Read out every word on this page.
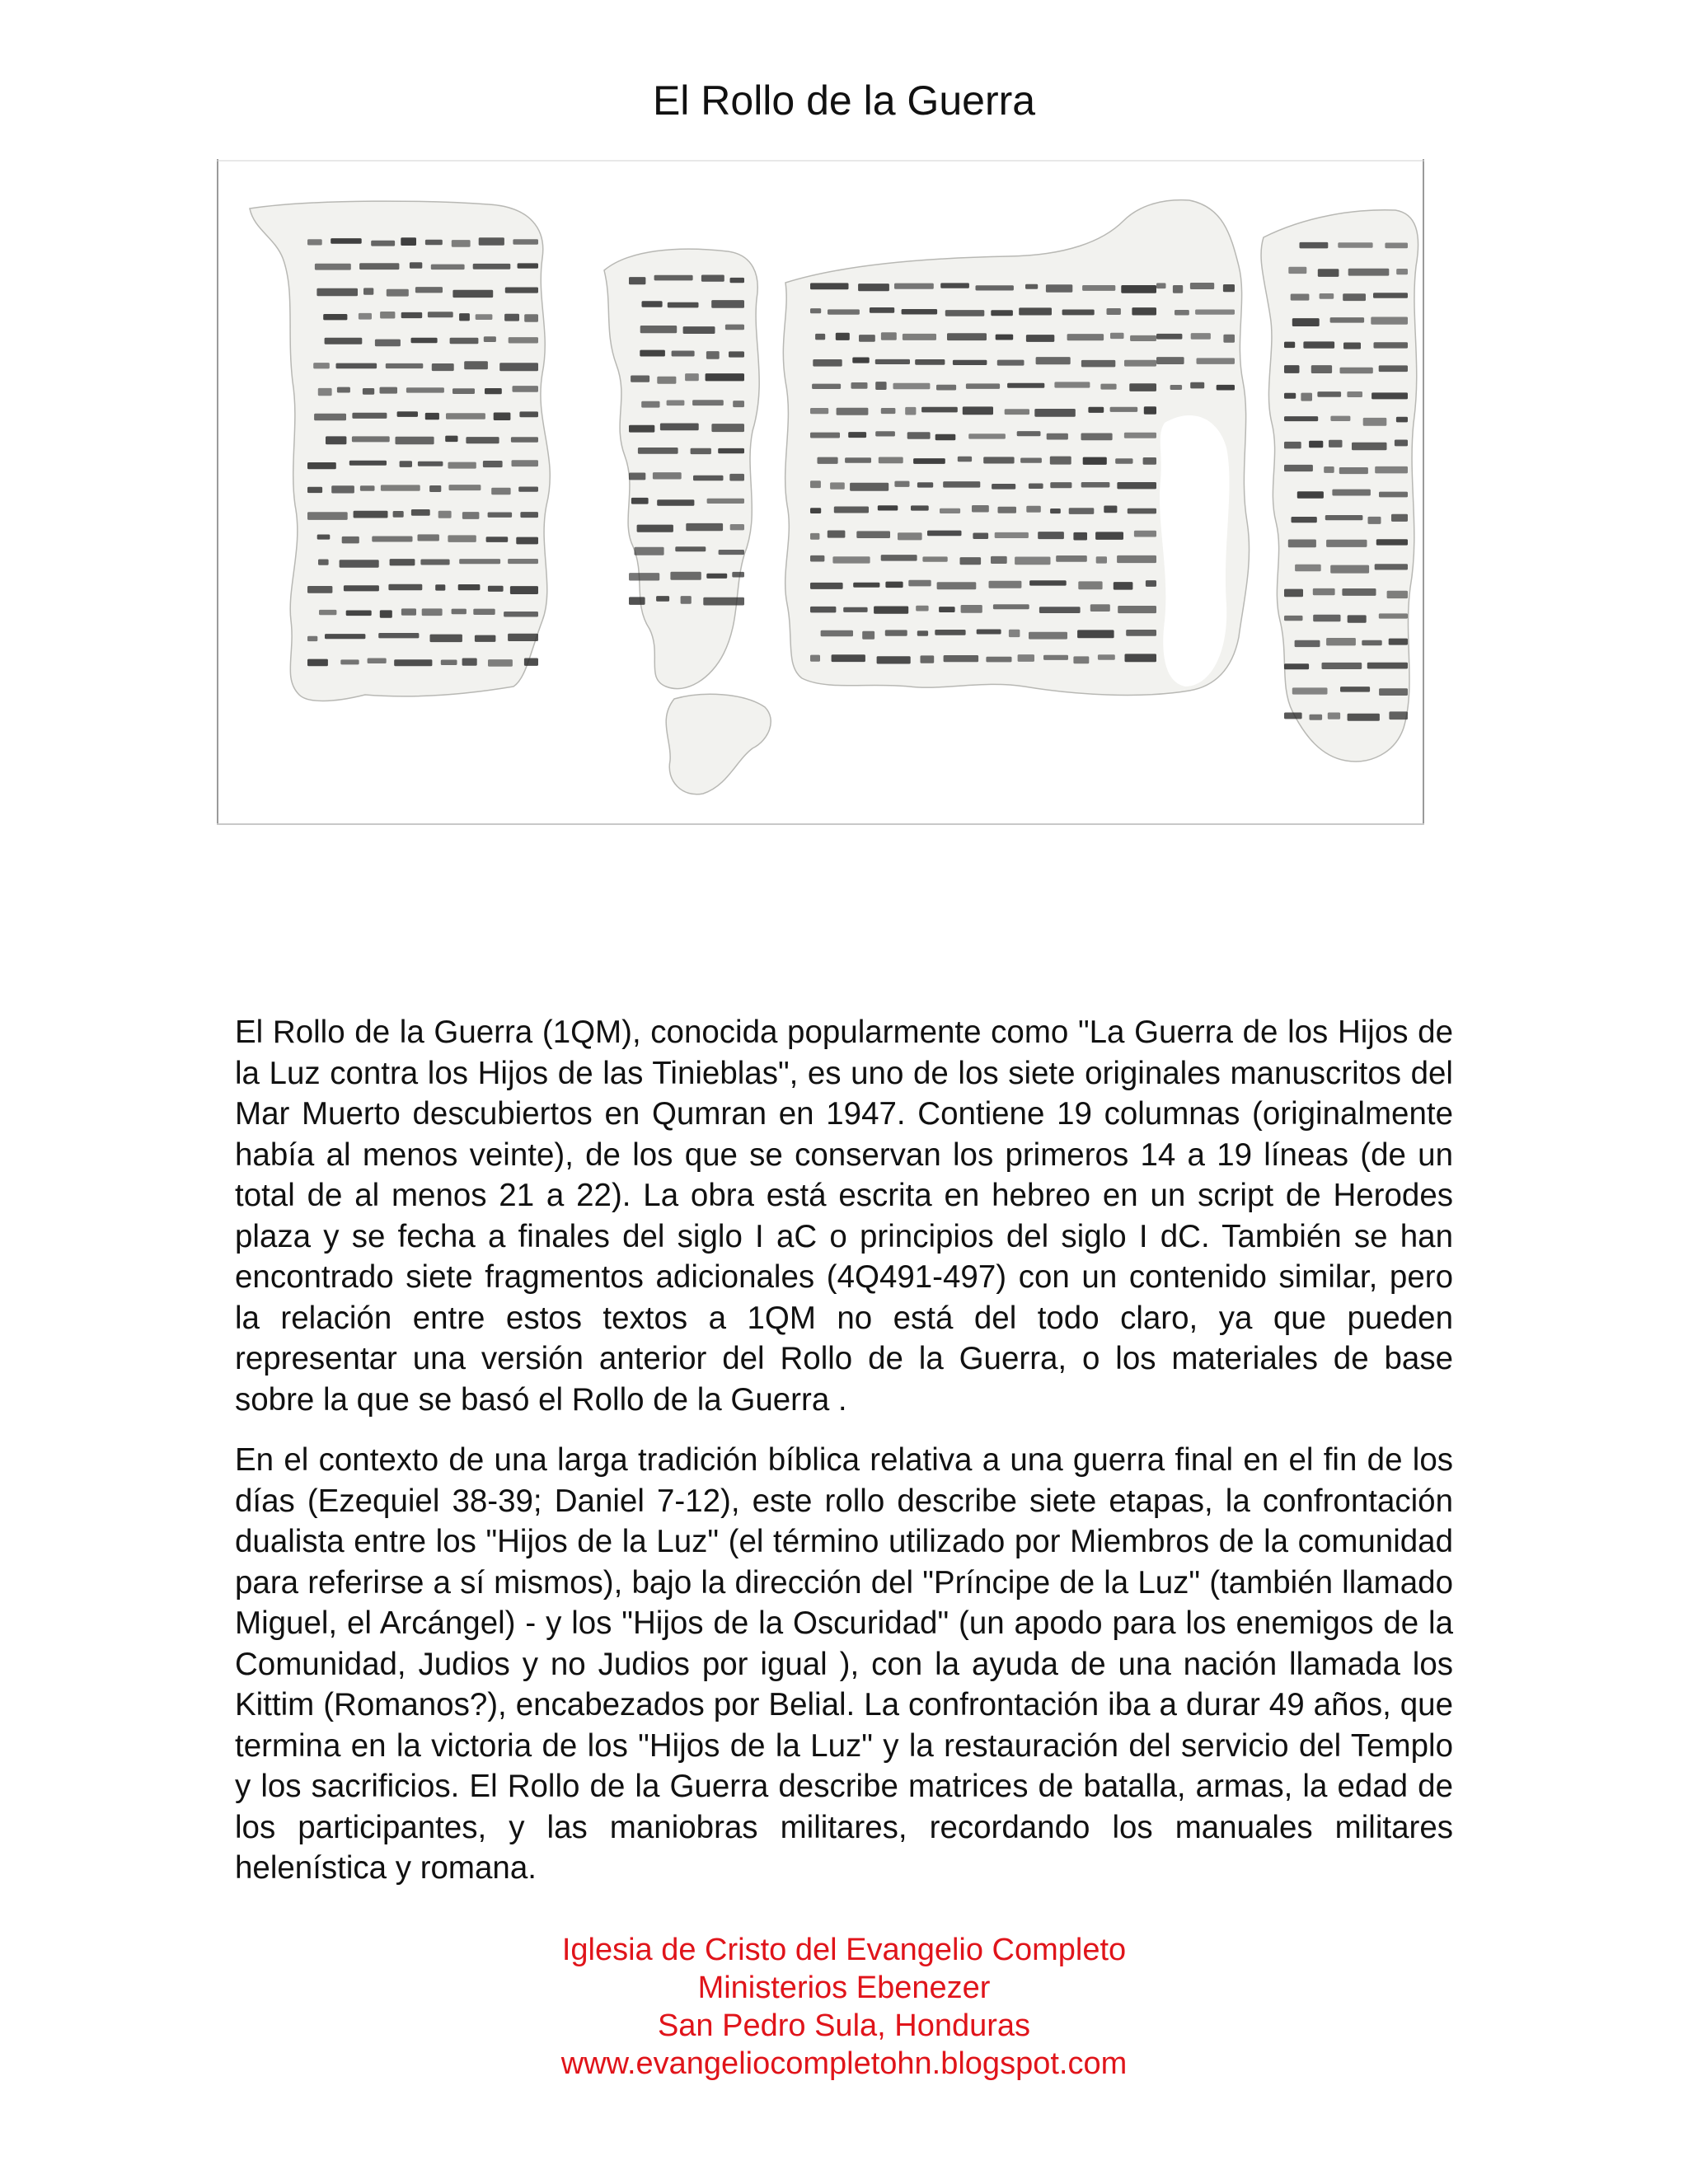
El Rollo de la Guerra

El Rollo de la Guerra (1QM), conocida popularmente como "La Guerra de los Hijos de la Luz contra los Hijos de las Tinieblas", es uno de los siete originales manuscritos del Mar Muerto descubiertos en Qumran en 1947. Contiene 19 columnas (originalmente había al menos veinte), de los que se conservan los primeros 14 a 19 líneas (de un total de al menos 21 a 22). La obra está escrita en hebreo en un script de Herodes plaza y se fecha a finales del siglo I aC o principios del siglo I dC. También se han encontrado siete fragmentos adicionales (4Q491-497) con un contenido similar, pero la relación entre estos textos a 1QM no está del todo claro, ya que pueden representar una versión anterior del Rollo de la Guerra, o los materiales de base sobre la que se basó el Rollo de la Guerra .

En el contexto de una larga tradición bíblica relativa a una guerra final en el fin de los días (Ezequiel 38-39; Daniel 7-12), este rollo describe siete etapas, la confrontación dualista entre los "Hijos de la Luz" (el término utilizado por Miembros de la comunidad para referirse a sí mismos), bajo la dirección del "Príncipe de la Luz" (también llamado Miguel, el Arcángel) - y los "Hijos de la Oscuridad" (un apodo para los enemigos de la Comunidad, Judios y no Judios por igual ), con la ayuda de una nación llamada los Kittim (Romanos?), encabezados por Belial. La confrontación iba a durar 49 años, que termina en la victoria de los "Hijos de la Luz" y la restauración del servicio del Templo y los sacrificios. El Rollo de la Guerra describe matrices de batalla, armas, la edad de los participantes, y las maniobras militares, recordando los manuales militares helenística y romana.

Iglesia de Cristo del Evangelio Completo
Ministerios Ebenezer
San Pedro Sula, Honduras
www.evangeliocompletohn.blogspot.com
